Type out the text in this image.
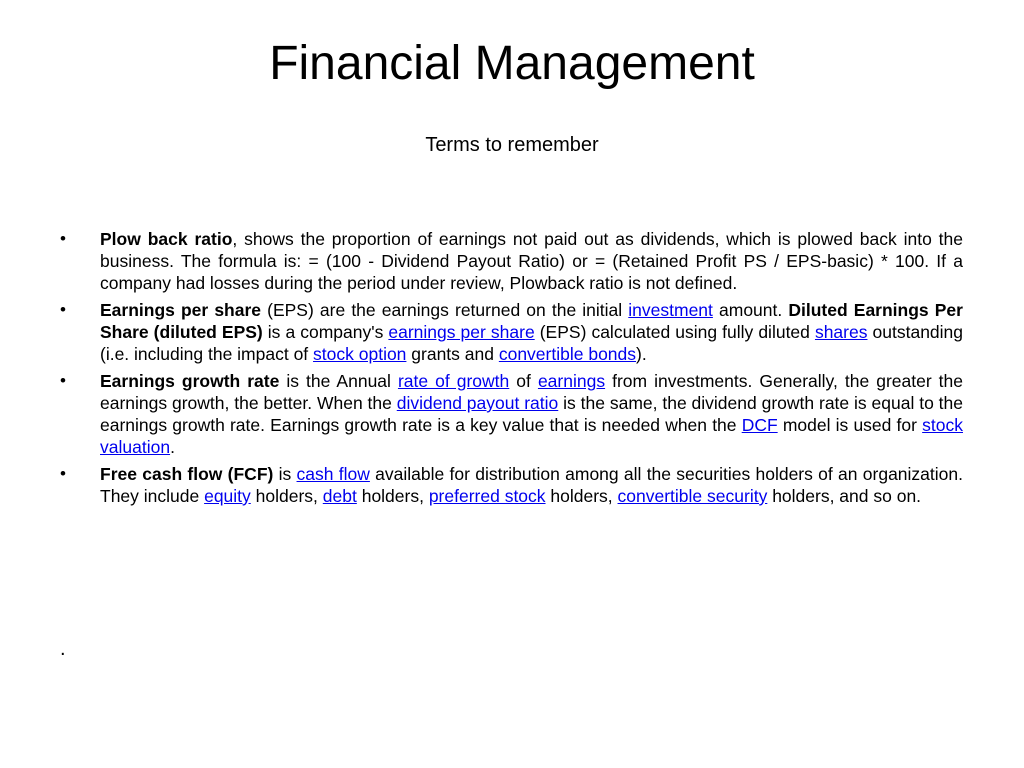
Financial Management
Terms to remember
• Plow back ratio, shows the proportion of earnings not paid out as dividends, which is plowed back into the business. The formula is: = (100 - Dividend Payout Ratio) or = (Retained Profit PS / EPS-basic) * 100. If a company had losses during the period under review, Plowback ratio is not defined.
• Earnings per share (EPS) are the earnings returned on the initial investment amount. Diluted Earnings Per Share (diluted EPS) is a company's earnings per share (EPS) calculated using fully diluted shares outstanding (i.e. including the impact of stock option grants and convertible bonds).
• Earnings growth rate is the Annual rate of growth of earnings from investments. Generally, the greater the earnings growth, the better. When the dividend payout ratio is the same, the dividend growth rate is equal to the earnings growth rate. Earnings growth rate is a key value that is needed when the DCF model is used for stock valuation.
• Free cash flow (FCF) is cash flow available for distribution among all the securities holders of an organization. They include equity holders, debt holders, preferred stock holders, convertible security holders, and so on.
.
